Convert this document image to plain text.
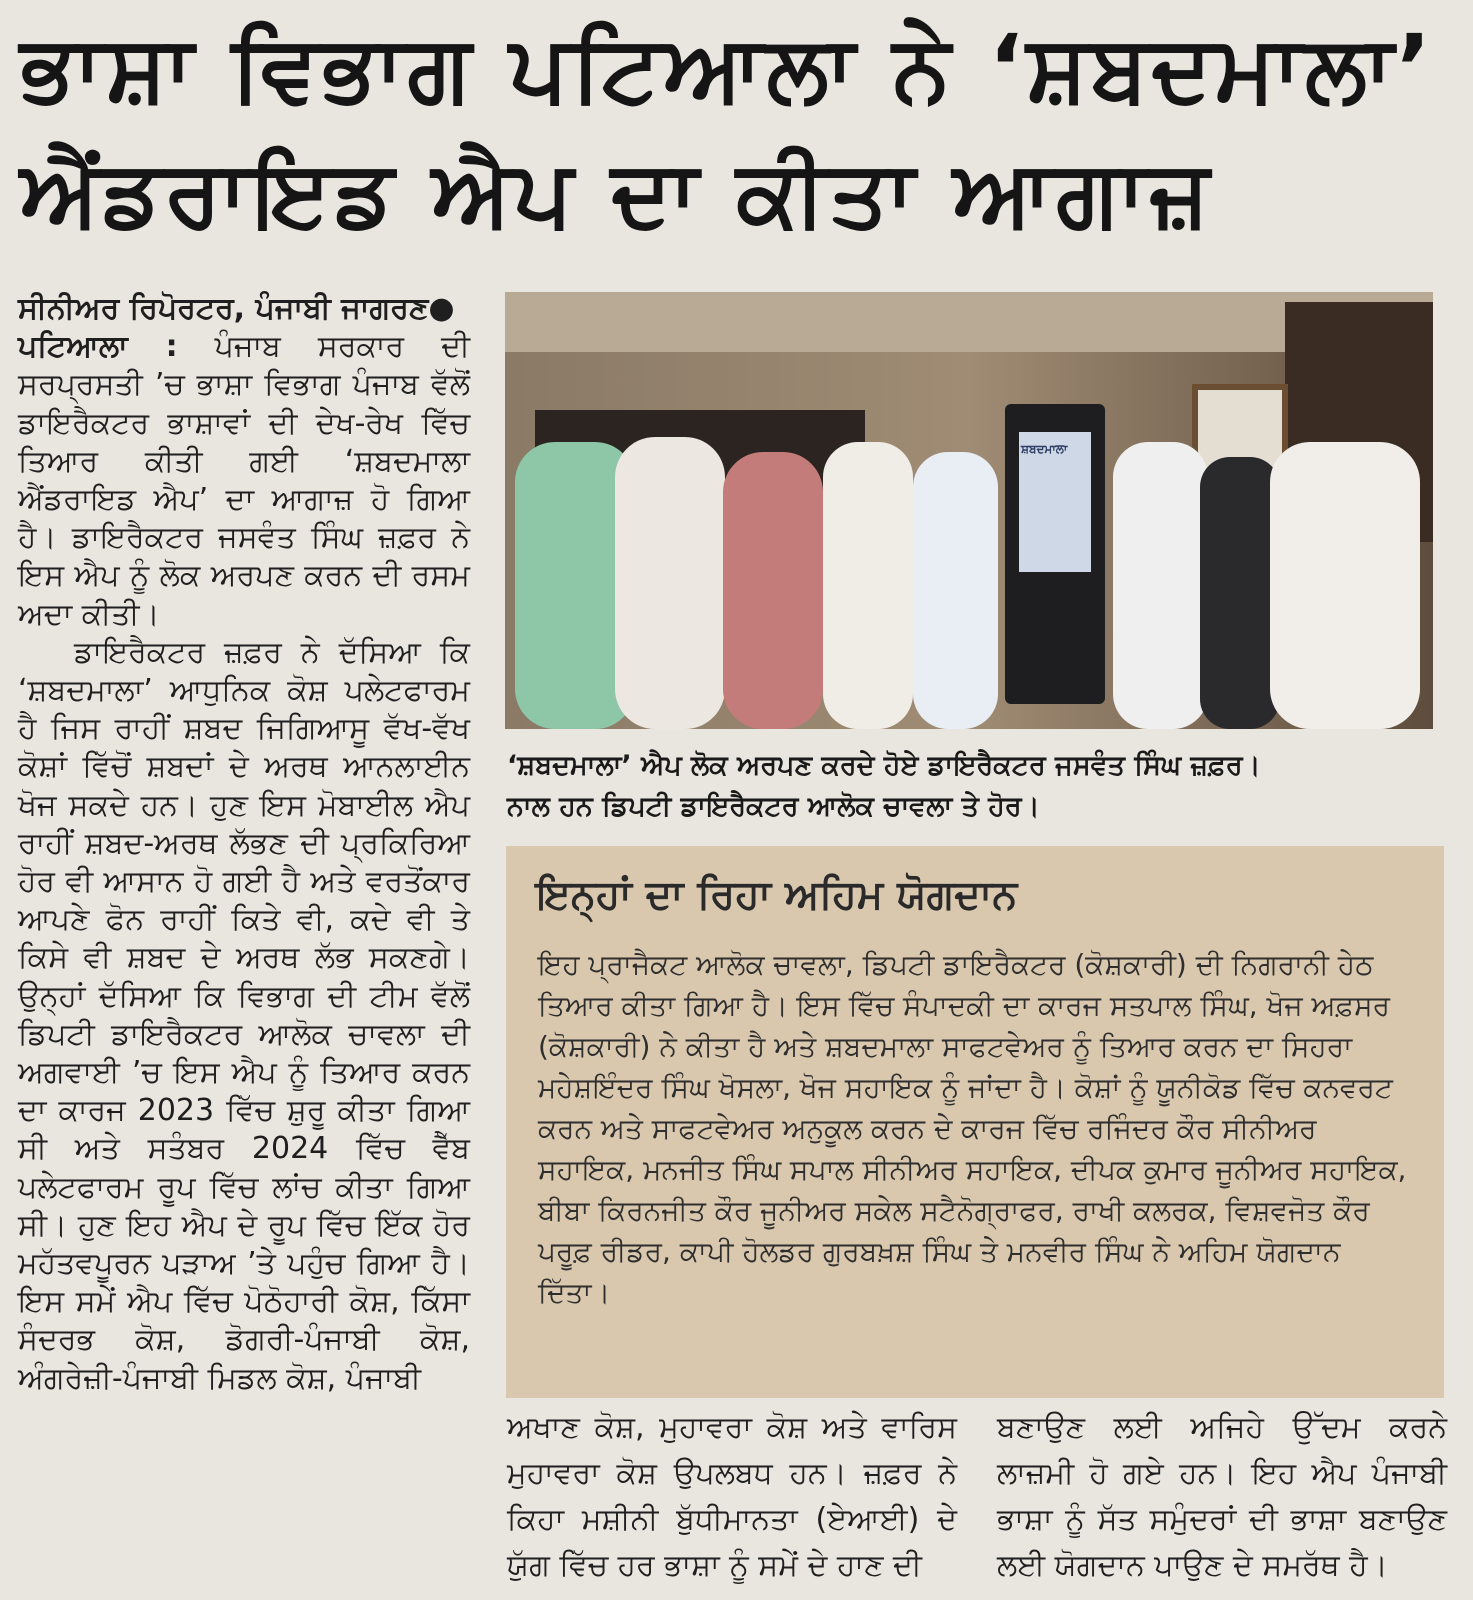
ਭਾਸ਼ਾ ਵਿਭਾਗ ਪਟਿਆਲਾ ਨੇ ‘ਸ਼ਬਦਮਾਲਾ’
ਐਂਡਰਾਇਡ ਐਪ ਦਾ ਕੀਤਾ ਆਗਾਜ਼

ਸੀਨੀਅਰ ਰਿਪੋਰਟਰ, ਪੰਜਾਬੀ ਜਾਗਰਣ●

ਪਟਿਆਲਾ : ਪੰਜਾਬ ਸਰਕਾਰ ਦੀ ਸਰਪ੍ਰਸਤੀ ’ਚ ਭਾਸ਼ਾ ਵਿਭਾਗ ਪੰਜਾਬ ਵੱਲੋਂ ਡਾਇਰੈਕਟਰ ਭਾਸ਼ਾਵਾਂ ਦੀ ਦੇਖ-ਰੇਖ ਵਿੱਚ ਤਿਆਰ ਕੀਤੀ ਗਈ ‘ਸ਼ਬਦਮਾਲਾ ਐਂਡਰਾਇਡ ਐਪ’ ਦਾ ਆਗਾਜ਼ ਹੋ ਗਿਆ ਹੈ। ਡਾਇਰੈਕਟਰ ਜਸਵੰਤ ਸਿੰਘ ਜ਼ਫ਼ਰ ਨੇ ਇਸ ਐਪ ਨੂੰ ਲੋਕ ਅਰਪਣ ਕਰਨ ਦੀ ਰਸਮ ਅਦਾ ਕੀਤੀ।

ਡਾਇਰੈਕਟਰ ਜ਼ਫ਼ਰ ਨੇ ਦੱਸਿਆ ਕਿ ‘ਸ਼ਬਦਮਾਲਾ’ ਆਧੁਨਿਕ ਕੋਸ਼ ਪਲੇਟਫਾਰਮ ਹੈ ਜਿਸ ਰਾਹੀਂ ਸ਼ਬਦ ਜਿਗਿਆਸੂ ਵੱਖ-ਵੱਖ ਕੋਸ਼ਾਂ ਵਿੱਚੋਂ ਸ਼ਬਦਾਂ ਦੇ ਅਰਥ ਆਨਲਾਈਨ ਖੋਜ ਸਕਦੇ ਹਨ। ਹੁਣ ਇਸ ਮੋਬਾਈਲ ਐਪ ਰਾਹੀਂ ਸ਼ਬਦ-ਅਰਥ ਲੱਭਣ ਦੀ ਪ੍ਰਕਿਰਿਆ ਹੋਰ ਵੀ ਆਸਾਨ ਹੋ ਗਈ ਹੈ ਅਤੇ ਵਰਤੋਂਕਾਰ ਆਪਣੇ ਫੋਨ ਰਾਹੀਂ ਕਿਤੇ ਵੀ, ਕਦੇ ਵੀ ਤੇ ਕਿਸੇ ਵੀ ਸ਼ਬਦ ਦੇ ਅਰਥ ਲੱਭ ਸਕਣਗੇ। ਉਨ੍ਹਾਂ ਦੱਸਿਆ ਕਿ ਵਿਭਾਗ ਦੀ ਟੀਮ ਵੱਲੋਂ ਡਿਪਟੀ ਡਾਇਰੈਕਟਰ ਆਲੋਕ ਚਾਵਲਾ ਦੀ ਅਗਵਾਈ ’ਚ ਇਸ ਐਪ ਨੂੰ ਤਿਆਰ ਕਰਨ ਦਾ ਕਾਰਜ 2023 ਵਿੱਚ ਸ਼ੁਰੂ ਕੀਤਾ ਗਿਆ ਸੀ ਅਤੇ ਸਤੰਬਰ 2024 ਵਿੱਚ ਵੈੱਬ ਪਲੇਟਫਾਰਮ ਰੂਪ ਵਿੱਚ ਲਾਂਚ ਕੀਤਾ ਗਿਆ ਸੀ। ਹੁਣ ਇਹ ਐਪ ਦੇ ਰੂਪ ਵਿੱਚ ਇੱਕ ਹੋਰ ਮਹੱਤਵਪੂਰਨ ਪੜਾਅ ’ਤੇ ਪਹੁੰਚ ਗਿਆ ਹੈ। ਇਸ ਸਮੇਂ ਐਪ ਵਿੱਚ ਪੋਠੋਹਾਰੀ ਕੋਸ਼, ਕਿੱਸਾ ਸੰਦਰਭ ਕੋਸ਼, ਡੋਗਰੀ-ਪੰਜਾਬੀ ਕੋਸ਼, ਅੰਗਰੇਜ਼ੀ-ਪੰਜਾਬੀ ਮਿਡਲ ਕੋਸ਼, ਪੰਜਾਬੀ

ਸ਼ਬਦਮਾਲਾ
‘ਸ਼ਬਦਮਾਲਾ’ ਐਪ ਲੋਕ ਅਰਪਣ ਕਰਦੇ ਹੋਏ ਡਾਇਰੈਕਟਰ ਜਸਵੰਤ ਸਿੰਘ ਜ਼ਫ਼ਰ।
ਨਾਲ ਹਨ ਡਿਪਟੀ ਡਾਇਰੈਕਟਰ ਆਲੋਕ ਚਾਵਲਾ ਤੇ ਹੋਰ।
ਇਨ੍ਹਾਂ ਦਾ ਰਿਹਾ ਅਹਿਮ ਯੋਗਦਾਨ
ਇਹ ਪ੍ਰਾਜੈਕਟ ਆਲੋਕ ਚਾਵਲਾ, ਡਿਪਟੀ ਡਾਇਰੈਕਟਰ (ਕੋਸ਼ਕਾਰੀ) ਦੀ ਨਿਗਰਾਨੀ ਹੇਠ ਤਿਆਰ ਕੀਤਾ ਗਿਆ ਹੈ। ਇਸ ਵਿੱਚ ਸੰਪਾਦਕੀ ਦਾ ਕਾਰਜ ਸਤਪਾਲ ਸਿੰਘ, ਖੋਜ ਅਫ਼ਸਰ (ਕੋਸ਼ਕਾਰੀ) ਨੇ ਕੀਤਾ ਹੈ ਅਤੇ ਸ਼ਬਦਮਾਲਾ ਸਾਫਟਵੇਅਰ ਨੂੰ ਤਿਆਰ ਕਰਨ ਦਾ ਸਿਹਰਾ ਮਹੇਸ਼ਇੰਦਰ ਸਿੰਘ ਖੋਸਲਾ, ਖੋਜ ਸਹਾਇਕ ਨੂੰ ਜਾਂਦਾ ਹੈ। ਕੋਸ਼ਾਂ ਨੂੰ ਯੂਨੀਕੋਡ ਵਿੱਚ ਕਨਵਰਟ ਕਰਨ ਅਤੇ ਸਾਫਟਵੇਅਰ ਅਨੁਕੂਲ ਕਰਨ ਦੇ ਕਾਰਜ ਵਿੱਚ ਰਜਿੰਦਰ ਕੌਰ ਸੀਨੀਅਰ ਸਹਾਇਕ, ਮਨਜੀਤ ਸਿੰਘ ਸਪਾਲ ਸੀਨੀਅਰ ਸਹਾਇਕ, ਦੀਪਕ ਕੁਮਾਰ ਜੂਨੀਅਰ ਸਹਾਇਕ, ਬੀਬਾ ਕਿਰਨਜੀਤ ਕੌਰ ਜੂਨੀਅਰ ਸਕੇਲ ਸਟੈਨੋਗ੍ਰਾਫਰ, ਰਾਖੀ ਕਲਰਕ, ਵਿਸ਼ਵਜੋਤ ਕੌਰ ਪਰੂਫ਼ ਰੀਡਰ, ਕਾਪੀ ਹੋਲਡਰ ਗੁਰਬਖ਼ਸ਼ ਸਿੰਘ ਤੇ ਮਨਵੀਰ ਸਿੰਘ ਨੇ ਅਹਿਮ ਯੋਗਦਾਨ ਦਿੱਤਾ।

ਅਖਾਣ ਕੋਸ਼, ਮੁਹਾਵਰਾ ਕੋਸ਼ ਅਤੇ ਵਾਰਿਸ ਮੁਹਾਵਰਾ ਕੋਸ਼ ਉਪਲਬਧ ਹਨ। ਜ਼ਫ਼ਰ ਨੇ ਕਿਹਾ ਮਸ਼ੀਨੀ ਬੁੱਧੀਮਾਨਤਾ (ਏਆਈ) ਦੇ ਯੁੱਗ ਵਿੱਚ ਹਰ ਭਾਸ਼ਾ ਨੂੰ ਸਮੇਂ ਦੇ ਹਾਣ ਦੀ

ਬਣਾਉਣ ਲਈ ਅਜਿਹੇ ਉੱਦਮ ਕਰਨੇ ਲਾਜ਼ਮੀ ਹੋ ਗਏ ਹਨ। ਇਹ ਐਪ ਪੰਜਾਬੀ ਭਾਸ਼ਾ ਨੂੰ ਸੱਤ ਸਮੁੰਦਰਾਂ ਦੀ ਭਾਸ਼ਾ ਬਣਾਉਣ ਲਈ ਯੋਗਦਾਨ ਪਾਉਣ ਦੇ ਸਮਰੱਥ ਹੈ।
